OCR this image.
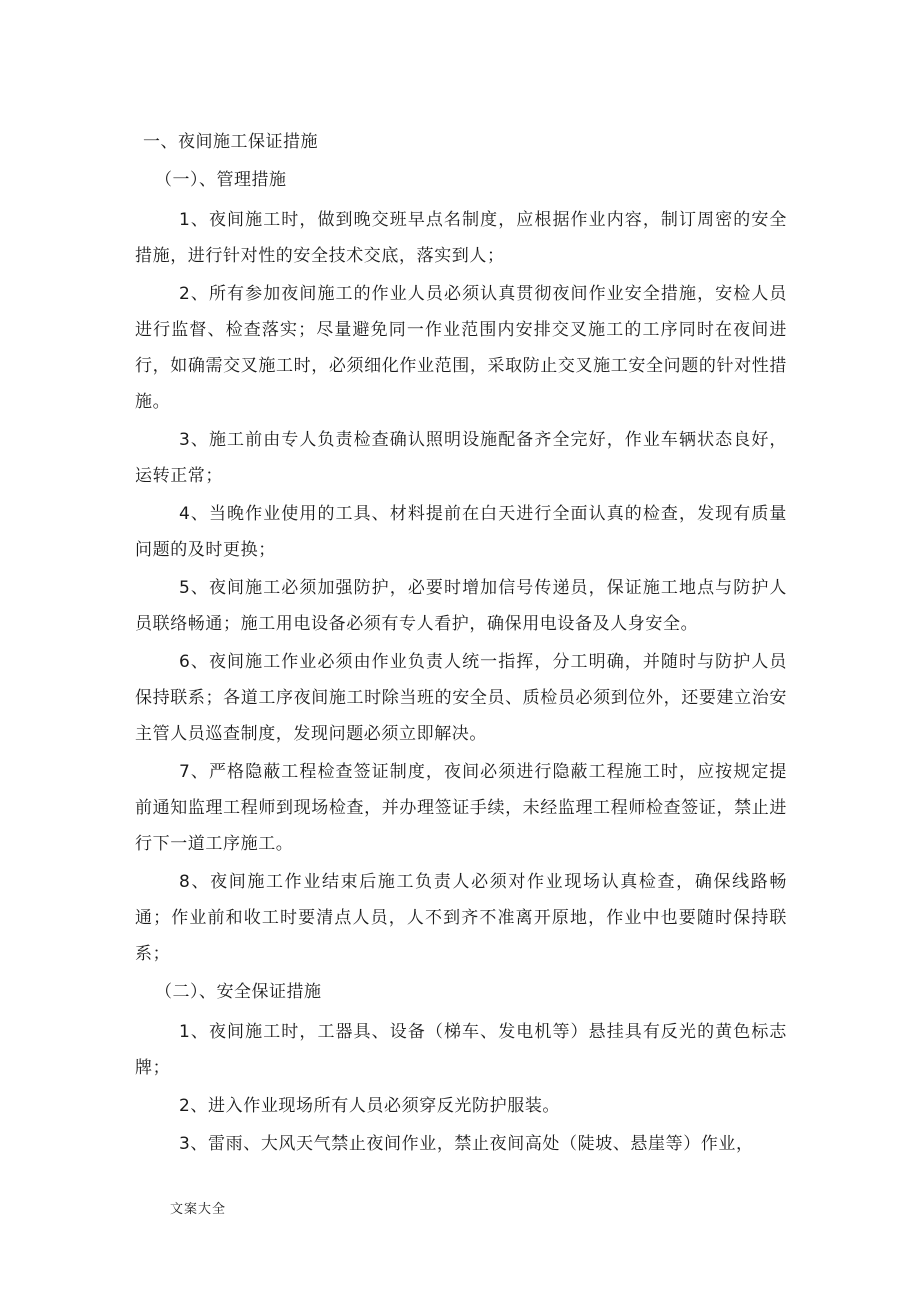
一、夜间施工保证措施
（一）、管理措施

1、夜间施工时，做到晚交班早点名制度，应根据作业内容，制订周密的安全措施，进行针对性的安全技术交底，落实到人；

2、所有参加夜间施工的作业人员必须认真贯彻夜间作业安全措施，安检人员进行监督、检查落实；尽量避免同一作业范围内安排交叉施工的工序同时在夜间进行，如确需交叉施工时，必须细化作业范围，采取防止交叉施工安全问题的针对性措施。

3、施工前由专人负责检查确认照明设施配备齐全完好，作业车辆状态良好，运转正常；

4、当晚作业使用的工具、材料提前在白天进行全面认真的检查，发现有质量问题的及时更换；

5、夜间施工必须加强防护，必要时增加信号传递员，保证施工地点与防护人员联络畅通；施工用电设备必须有专人看护，确保用电设备及人身安全。

6、夜间施工作业必须由作业负责人统一指挥，分工明确，并随时与防护人员保持联系；各道工序夜间施工时除当班的安全员、质检员必须到位外，还要建立治安主管人员巡查制度，发现问题必须立即解决。

7、严格隐蔽工程检查签证制度，夜间必须进行隐蔽工程施工时，应按规定提前通知监理工程师到现场检查，并办理签证手续，未经监理工程师检查签证，禁止进行下一道工序施工。

8、夜间施工作业结束后施工负责人必须对作业现场认真检查，确保线路畅通；作业前和收工时要清点人员，人不到齐不准离开原地，作业中也要随时保持联系；

（二）、安全保证措施

1、夜间施工时，工器具、设备（梯车、发电机等）悬挂具有反光的黄色标志牌；

2、进入作业现场所有人员必须穿反光防护服装。

3、雷雨、大风天气禁止夜间作业，禁止夜间高处（陡坡、悬崖等）作业，

文案大全
